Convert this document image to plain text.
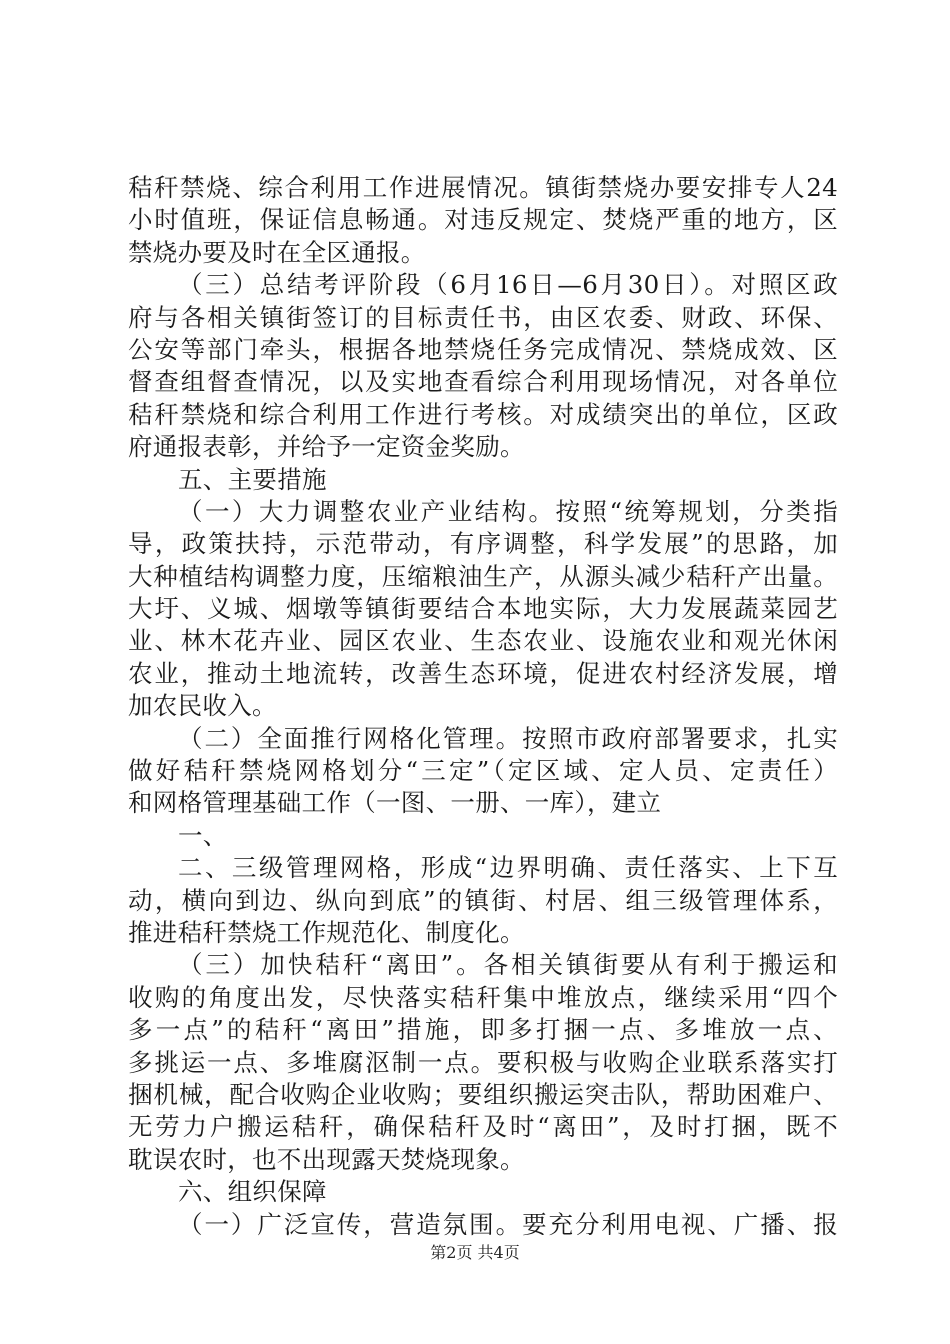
秸秆禁烧、综合利用工作进展情况。镇街禁烧办要安排专人24
小时值班，保证信息畅通。对违反规定、焚烧严重的地方，区
禁烧办要及时在全区通报。
（三）总结考评阶段（6月16日—6月30日）。对照区政
府与各相关镇街签订的目标责任书，由区农委、财政、环保、
公安等部门牵头，根据各地禁烧任务完成情况、禁烧成效、区
督查组督查情况，以及实地查看综合利用现场情况，对各单位
秸秆禁烧和综合利用工作进行考核。对成绩突出的单位，区政
府通报表彰，并给予一定资金奖励。
五、主要措施
（一）大力调整农业产业结构。按照“统筹规划，分类指
导，政策扶持，示范带动，有序调整，科学发展”的思路，加
大种植结构调整力度，压缩粮油生产，从源头减少秸秆产出量。
大圩、义城、烟墩等镇街要结合本地实际，大力发展蔬菜园艺
业、林木花卉业、园区农业、生态农业、设施农业和观光休闲
农业，推动土地流转，改善生态环境，促进农村经济发展，增
加农民收入。
（二）全面推行网格化管理。按照市政府部署要求，扎实
做好秸秆禁烧网格划分“三定”（定区域、定人员、定责任）
和网格管理基础工作（一图、一册、一库），建立
一、
二、三级管理网格，形成“边界明确、责任落实、上下互
动，横向到边、纵向到底”的镇街、村居、组三级管理体系，
推进秸秆禁烧工作规范化、制度化。
（三）加快秸秆“离田”。各相关镇街要从有利于搬运和
收购的角度出发，尽快落实秸秆集中堆放点，继续采用“四个
多一点”的秸秆“离田”措施，即多打捆一点、多堆放一点、
多挑运一点、多堆腐沤制一点。要积极与收购企业联系落实打
捆机械，配合收购企业收购；要组织搬运突击队，帮助困难户、
无劳力户搬运秸秆，确保秸秆及时“离田”，及时打捆，既不
耽误农时，也不出现露天焚烧现象。
六、组织保障
（一）广泛宣传，营造氛围。要充分利用电视、广播、报
第2页 共4页
